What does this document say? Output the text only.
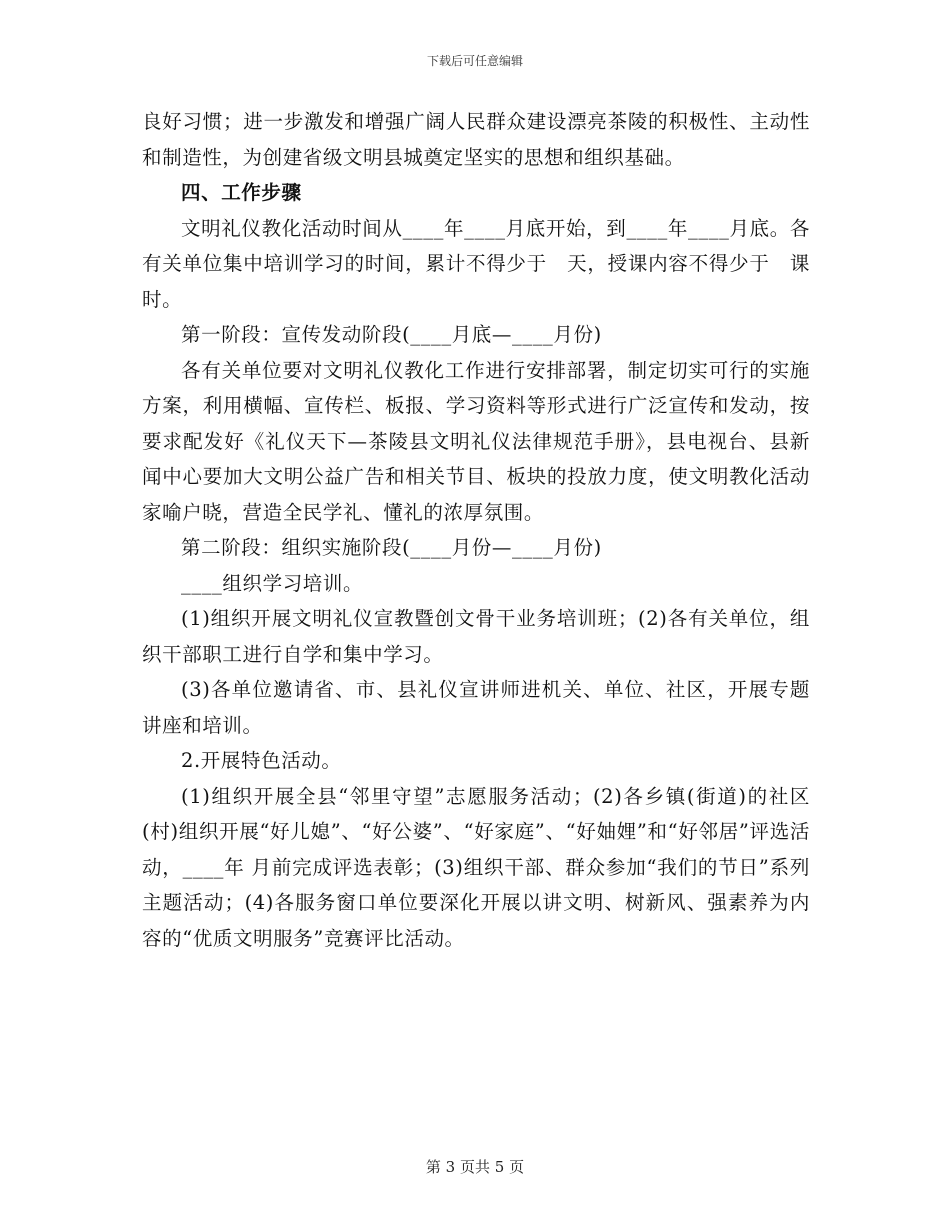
下载后可任意编辑

良好习惯；进一步激发和增强广阔人民群众建设漂亮茶陵的积极性、主动性和制造性，为创建省级文明县城奠定坚实的思想和组织基础。

四、工作步骤

文明礼仪教化活动时间从____年____月底开始，到____年____月底。各有关单位集中培训学习的时间，累计不得少于　天，授课内容不得少于　课时。

第一阶段：宣传发动阶段(____月底—____月份)

各有关单位要对文明礼仪教化工作进行安排部署，制定切实可行的实施方案，利用横幅、宣传栏、板报、学习资料等形式进行广泛宣传和发动，按要求配发好《礼仪天下—茶陵县文明礼仪法律规范手册》，县电视台、县新闻中心要加大文明公益广告和相关节目、板块的投放力度，使文明教化活动家喻户晓，营造全民学礼、懂礼的浓厚氛围。

第二阶段：组织实施阶段(____月份—____月份)

____组织学习培训。

(1)组织开展文明礼仪宣教暨创文骨干业务培训班；(2)各有关单位，组织干部职工进行自学和集中学习。

(3)各单位邀请省、市、县礼仪宣讲师进机关、单位、社区，开展专题讲座和培训。

2.开展特色活动。

(1)组织开展全县“邻里守望”志愿服务活动；(2)各乡镇(街道)的社区(村)组织开展“好儿媳”、“好公婆”、“好家庭”、“好妯娌”和“好邻居”评选活动，____年 月前完成评选表彰；(3)组织干部、群众参加“我们的节日”系列主题活动；(4)各服务窗口单位要深化开展以讲文明、树新风、强素养为内容的“优质文明服务”竞赛评比活动。

第 3 页共 5 页
